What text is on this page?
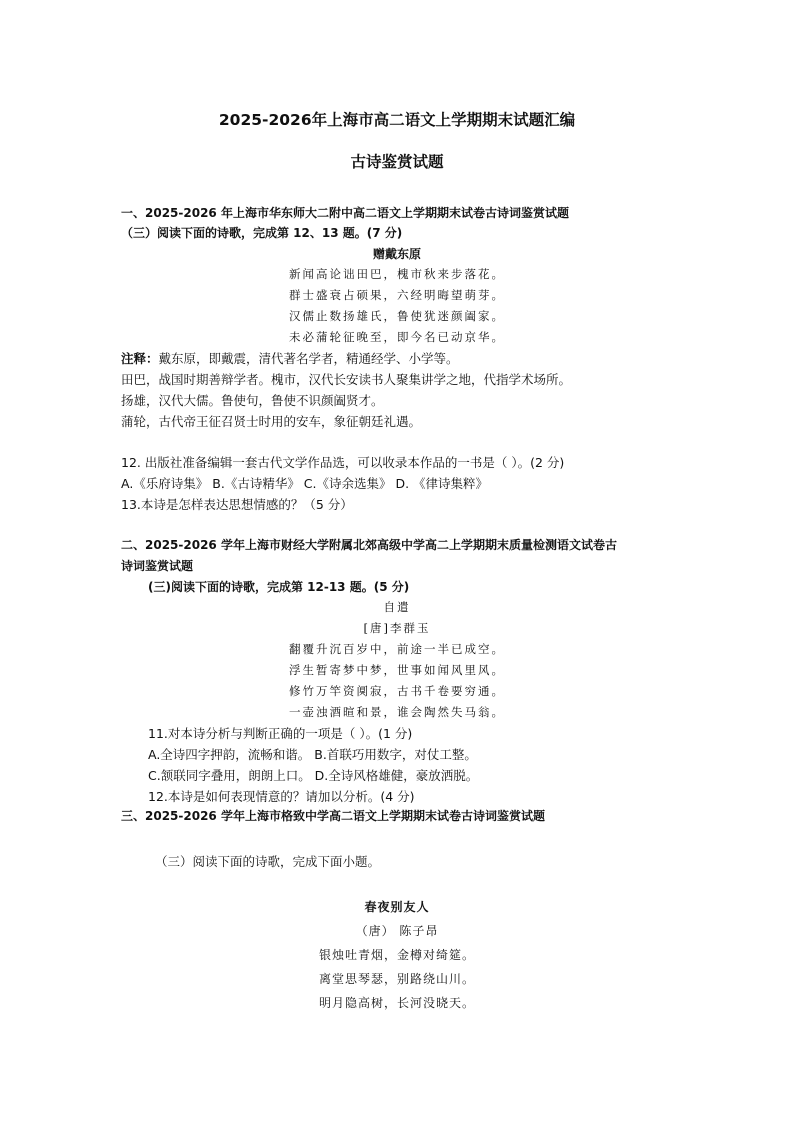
2025-2026年上海市高二语文上学期期末试题汇编
古诗鉴赏试题
一、2025-2026 年上海市华东师大二附中高二语文上学期期末试卷古诗词鉴赏试题
（三）阅读下面的诗歌，完成第 12、13 题。(7 分)
赠戴东原
新闻高论诎田巴，槐市秋来步落花。
群士盛衰占硕果，六经明晦望萌芽。
汉儒止数扬雄氏，鲁使犹迷颜阖家。
未必蒲轮征晚至，即今名已动京华。
注释：戴东原，即戴震，清代著名学者，精通经学、小学等。
田巴，战国时期善辩学者。槐市，汉代长安读书人聚集讲学之地，代指学术场所。
扬雄，汉代大儒。鲁使句，鲁使不识颜阖贤才。
蒲轮，古代帝王征召贤士时用的安车，象征朝廷礼遇。
12. 出版社准备编辑一套古代文学作品选，可以收录本作品的一书是（ ）。(2 分)
A.《乐府诗集》 B.《古诗精华》 C.《诗余选集》 D. 《律诗集粹》
13.本诗是怎样表达思想情感的？（5 分）
二、2025-2026 学年上海市财经大学附属北郊高级中学高二上学期期末质量检测语文试卷古
诗词鉴赏试题
(三)阅读下面的诗歌，完成第 12-13 题。(5 分)
自遣
[唐]李群玉
翻覆升沉百岁中，前途一半已成空。
浮生暂寄梦中梦，世事如闻风里风。
修竹万竿资阒寂，古书千卷要穷通。
一壶浊酒暄和景，谁会陶然失马翁。
11.对本诗分析与判断正确的一项是（ ）。(1 分)
A.全诗四字押韵，流畅和谐。 B.首联巧用数字，对仗工整。
C.颔联同字叠用，朗朗上口。 D.全诗风格雄健，豪放洒脱。
12.本诗是如何表现情意的？请加以分析。(4 分)
三、2025-2026 学年上海市格致中学高二语文上学期期末试卷古诗词鉴赏试题
（三）阅读下面的诗歌，完成下面小题。
春夜别友人
（唐） 陈子昂
银烛吐青烟，金樽对绮筵。
离堂思琴瑟，别路绕山川。
明月隐高树，长河没晓天。
